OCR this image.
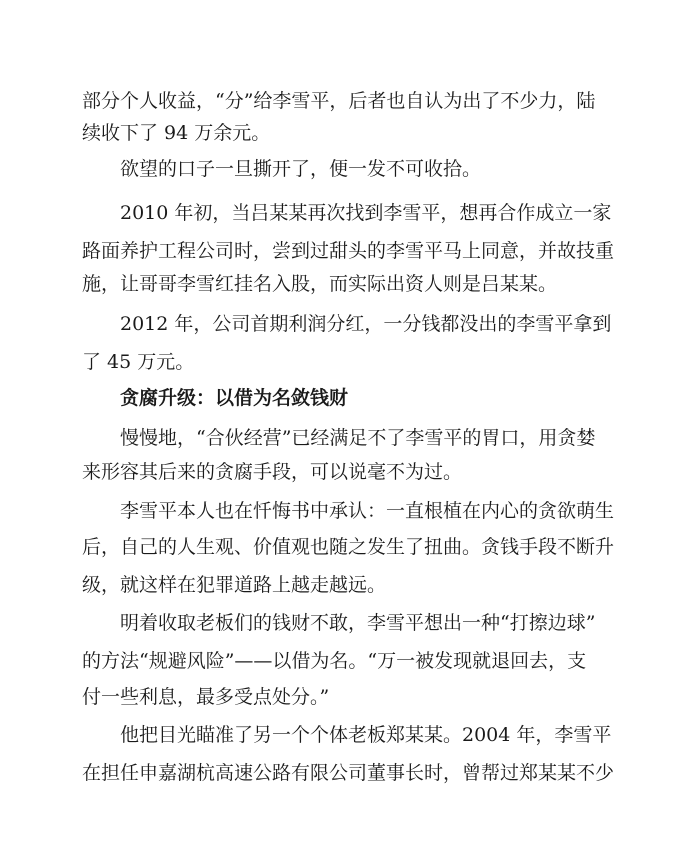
部分个人收益，“分”给李雪平，后者也自认为出了不少力，陆
续收下了 94 万余元。
欲望的口子一旦撕开了，便一发不可收拾。
2010 年初，当吕某某再次找到李雪平，想再合作成立一家
路面养护工程公司时，尝到过甜头的李雪平马上同意，并故技重
施，让哥哥李雪红挂名入股，而实际出资人则是吕某某。
2012 年，公司首期利润分红，一分钱都没出的李雪平拿到
了 45 万元。
贪腐升级：以借为名敛钱财
慢慢地，“合伙经营”已经满足不了李雪平的胃口，用贪婪
来形容其后来的贪腐手段，可以说毫不为过。
李雪平本人也在忏悔书中承认：一直根植在内心的贪欲萌生
后，自己的人生观、价值观也随之发生了扭曲。贪钱手段不断升
级，就这样在犯罪道路上越走越远。
明着收取老板们的钱财不敢，李雪平想出一种“打擦边球”
的方法“规避风险”——以借为名。“万一被发现就退回去，支
付一些利息，最多受点处分。”
他把目光瞄准了另一个个体老板郑某某。2004 年，李雪平
在担任申嘉湖杭高速公路有限公司董事长时，曾帮过郑某某不少
